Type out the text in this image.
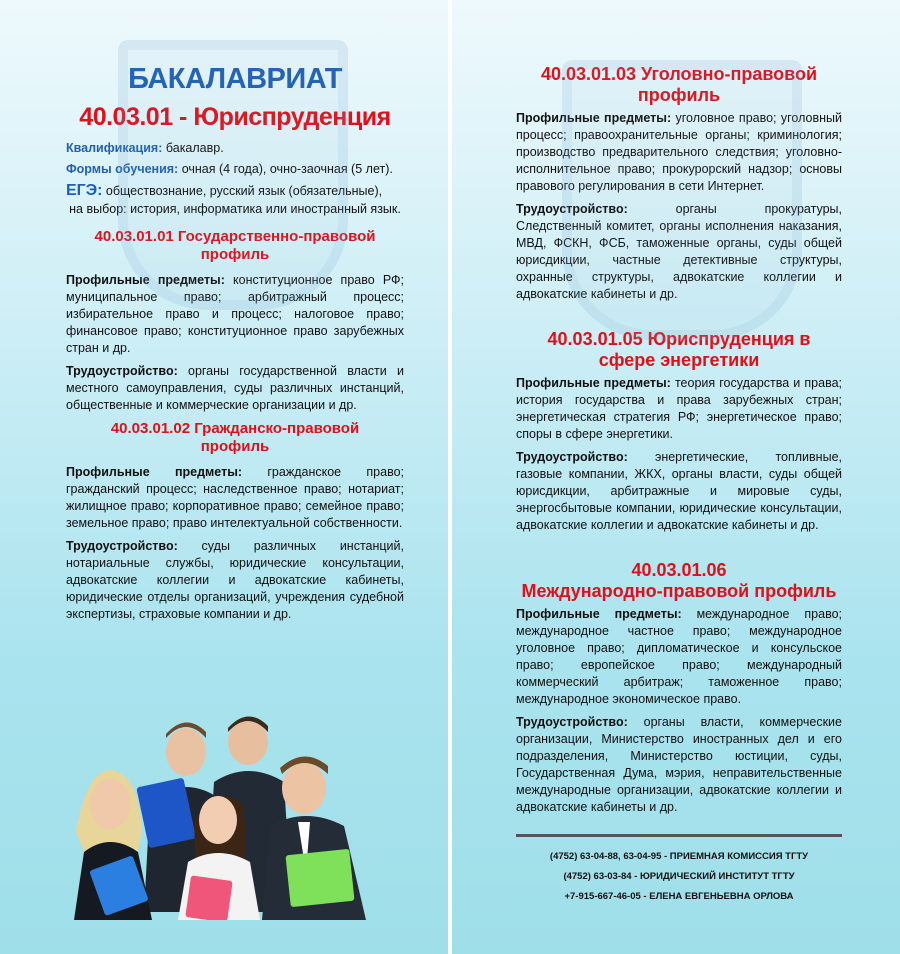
БАКАЛАВРИАТ
40.03.01 - Юриспруденция
Квалификация: бакалавр.
Формы обучения: очная (4 года), очно-заочная (5 лет).
ЕГЭ: обществознание, русский язык (обязательные),
на выбор: история, информатика или иностранный язык.
40.03.01.01 Государственно-правовой профиль

Профильные предметы: конституционное право РФ; муниципальное право; арбитражный процесс; избирательное право и процесс; налоговое право; финансовое право; конституционное право зарубежных стран и др.

Трудоустройство: органы государственной власти и местного самоуправления, суды различных инстанций, общественные и коммерческие организации и др.

40.03.01.02 Гражданско-правовой профиль

Профильные предметы: гражданское право; гражданский процесс; наследственное право; нотариат; жилищное право; корпоративное право; семейное право; земельное право; право интелектуальной собственности.

Трудоустройство: суды различных инстанций, нотариальные службы, юридические консультации, адвокатские коллегии и адвокатские кабинеты, юридические отделы организаций, учреждения судебной экспертизы, страховые компании и др.

40.03.01.03 Уголовно-правовой профиль

Профильные предметы: уголовное право; уголовный процесс; правоохранительные органы; криминология; производство предварительного следствия; уголовно-исполнительное право; прокурорский надзор; основы правового регулирования в сети Интернет.

Трудоустройство: органы прокуратуры, Следственный комитет, органы исполнения наказания, МВД, ФСКН, ФСБ, таможенные органы, суды общей юрисдикции, частные детективные структуры, охранные структуры, адвокатские коллегии и адвокатские кабинеты и др.

40.03.01.05 Юриспруденция в сфере энергетики

Профильные предметы: теория государства и права; история государства и права зарубежных стран; энергетическая стратегия РФ; энергетическое право; споры в сфере энергетики.

Трудоустройство: энергетические, топливные, газовые компании, ЖКХ, органы власти, суды общей юрисдикции, арбитражные и мировые суды, энергосбытовые компании, юридические консультации, адвокатские коллегии и адвокатские кабинеты и др.

40.03.01.06
Международно-правовой профиль

Профильные предметы: международное право; международное частное право; международное уголовное право; дипломатическое и консульское право; европейское право; международный коммерческий арбитраж; таможенное право; международное экономическое право.

Трудоустройство: органы власти, коммерческие организации, Министерство иностранных дел и его подразделения, Министерство юстиции, суды, Государственная Дума, мэрия, неправительственные международные организации, адвокатские коллегии и адвокатские кабинеты и др.

(4752) 63-04-88, 63-04-95 - ПРИЕМНАЯ КОМИССИЯ ТГТУ

(4752) 63-03-84 - ЮРИДИЧЕСКИЙ ИНСТИТУТ ТГТУ

+7-915-667-46-05 - ЕЛЕНА ЕВГЕНЬЕВНА ОРЛОВА
